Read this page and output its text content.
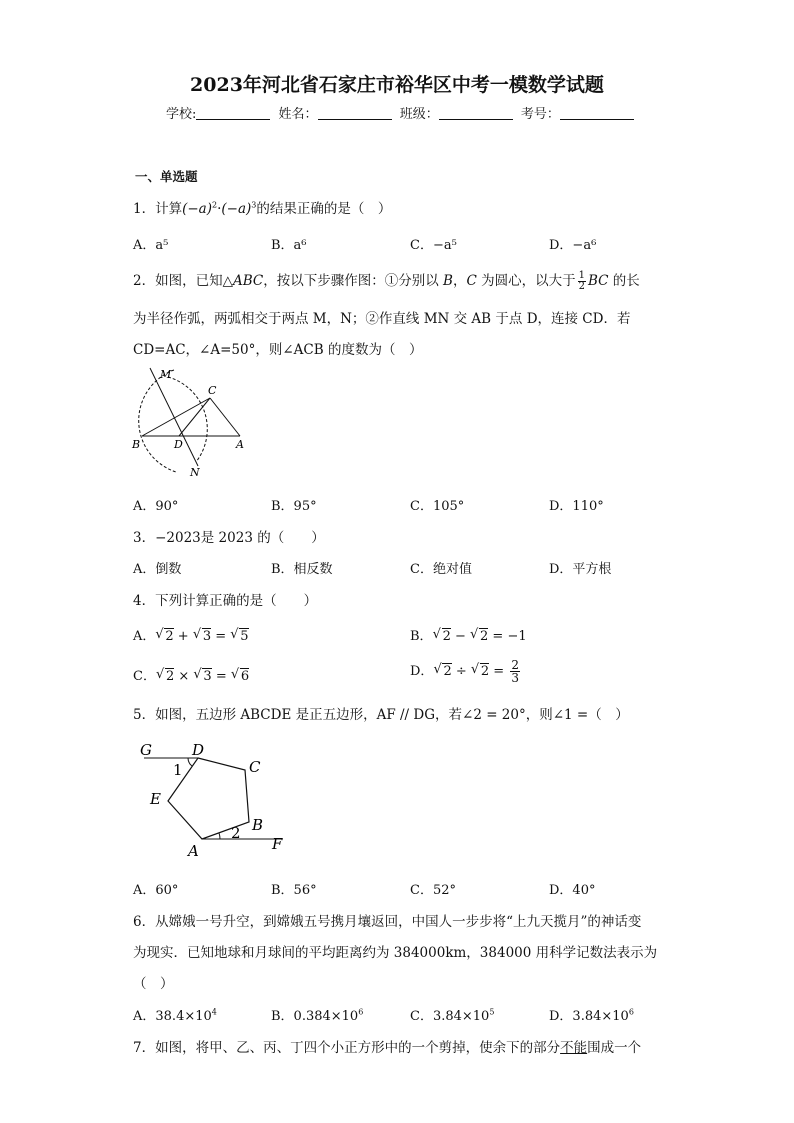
2023年河北省石家庄市裕华区中考一模数学试题
学校:	姓名：	班级：	考号：
一、单选题
1．计算$(-a)^2\cdot(-a)^3$的结果正确的是（　）
A．a⁵	B．a⁶	C．−a⁵	D．−a⁶
2．如图，已知△ABC，按以下步骤作图：①分别以 B，C 为圆心，以大于 $\frac{1}{2}$ BC 的长
为半径作弧，两弧相交于两点 M，N；②作直线 MN 交 AB 于点 D，连接 CD．若
CD=AC，∠A=50°，则∠ACB 的度数为（　）
M
C
B	D	A
N
A．90°	B．95°	C．105°	D．110°
3．−2023是 2023 的（　　）
A．倒数	B．相反数	C．绝对值	D．平方根
4．下列计算正确的是（　　）
A． √ 2 + √ 3 = √ 5	B． √ 2 − √ 2 = −1
C． √ 2 × √ 3 = √ 6	D． √ 2 ÷ √ $2 = \frac{2}{3}$
5．如图，五边形 ABCDE 是正五边形，AF // DG，若∠2 = 20°，则∠1 =（　）
G	D
C
1
E
B
2
A	F
A．60°	B．56°	C．52°	D．40°
6．从嫦娥一号升空，到嫦娥五号携月壤返回，中国人一步步将“上九天揽月”的神话变
为现实．已知地球和月球间的平均距离约为 384000km，384000 用科学记数法表示为
（　）
A．$38.4\times 10^4$	B．$0.384\times 10^6$	C．$3.84\times 10^5$	D．$3.84\times 10^6$
7．如图，将甲、乙、丙、丁四个小正方形中的一个剪掉，使余下的部分不能围成一个
